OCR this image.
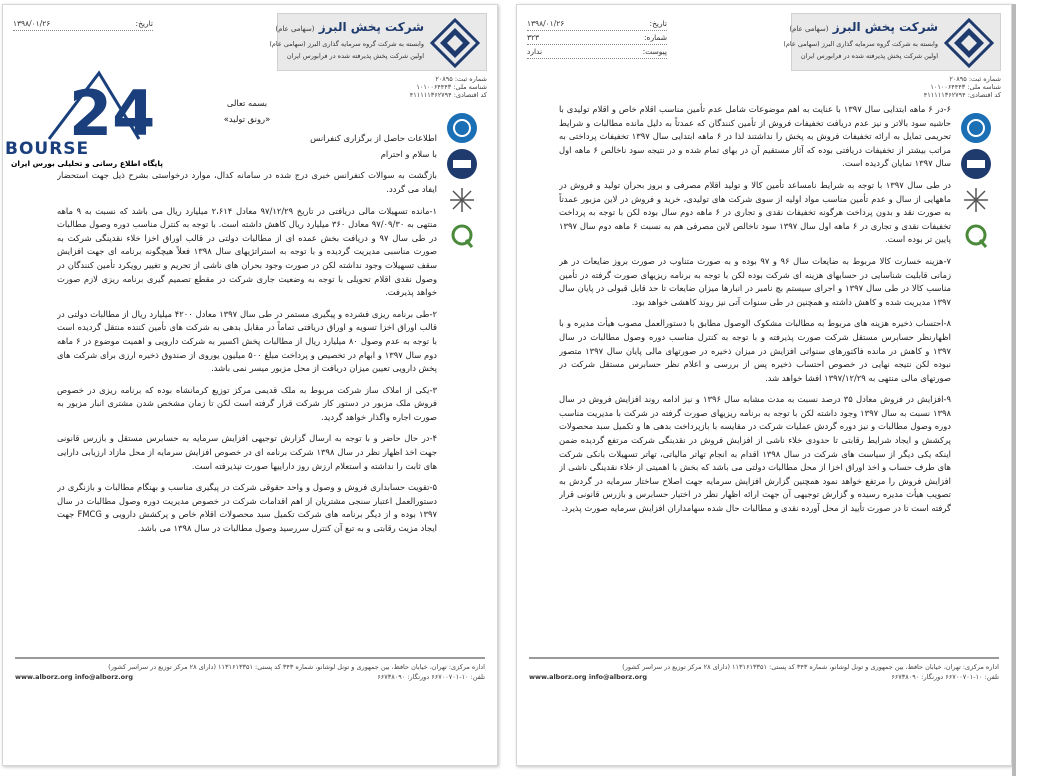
شرکت پخش البرز (سهامی عام)
وابسته به شرکت گروه سرمایه گذاری البرز (سهامی عام)
اولین شرکت پخش پذیرفته شده در فرابورس ایران
شماره ثبت: ۲۰۸۹۵
شناسه ملی: ۱۰۱۰۰۶۴۴۴۳
کد اقتصادی: ۴۱۱۱۱۱۳۶۲۷۹۴
تاریخ:
۱۳۹۸/۰۱/۲۶
24
BOURSE
پایگاه اطلاع رسانی و تحلیلی بورس ایران
بسمه تعالی
«رونق تولید»

اطلاعات حاصل از برگزاری کنفرانس

با سلام و احترام

بازگشت به سوالات کنفرانس خبری درج شده در سامانه کدال، موارد درخواستی بشرح ذیل جهت استحضار ایفاد می گردد.

۱-مانده تسهیلات مالی دریافتی در تاریخ ۹۷/۱۲/۲۹ معادل ۲،۶۱۴ میلیارد ریال می باشد که نسبت به ۹ ماهه منتهی به ۹۷/۰۹/۳۰ معادل ۳۶۰ میلیارد ریال کاهش داشته است. با توجه به کنترل مناسب دوره وصول مطالبات در طی سال ۹۷ و دریافت بخش عمده ای از مطالبات دولتی در قالب اوراق اخزا خلاء نقدینگی شرکت به صورت مناسبی مدیریت گردیده و با توجه به استراتژیهای سال ۱۳۹۸ فعلاً هیچگونه برنامه ای جهت افزایش سقف تسهیلات وجود نداشته لکن در صورت وجود بحران های ناشی از تحریم و تغییر رویکرد تأمین کنندگان در وصول نقدی اقلام تحویلی با توجه به وضعیت جاری شرکت در مقطع تصمیم گیری برنامه ریزی لازم صورت خواهد پذیرفت.

۲-طی برنامه ریزی فشرده و پیگیری مستمر در طی سال ۱۳۹۷ معادل ۴۲۰۰ میلیارد ریال از مطالبات دولتی در قالب اوراق اخزا تسویه و اوراق دریافتی تماماً در مقابل بدهی به شرکت های تأمین کننده منتقل گردیده است با توجه به عدم وصول ۸۰ میلیارد ریال از مطالبات پخش اکسیر به شرکت دارویی و اهمیت موضوع در ۶ ماهه دوم سال ۱۳۹۷ و ابهام در تخصیص و پرداخت مبلغ ۵۰۰ میلیون یوروی از صندوق ذخیره ارزی برای شرکت های پخش دارویی تعیین میزان دریافت از محل مزبور میسر نمی باشد.

۳-یکی از املاک ساز شرکت مربوط به ملک قدیمی مرکز توزیع کرمانشاه بوده که برنامه ریزی در خصوص فروش ملک مزبور در دستور کار شرکت قرار گرفته است لکن تا زمان مشخص شدن مشتری انبار مزبور به صورت اجاره واگذار خواهد گردید.

۴-در حال حاضر و با توجه به ارسال گزارش توجیهی افزایش سرمایه به حسابرس مستقل و بازرس قانونی جهت اخذ اظهار نظر در سال ۱۳۹۸ شرکت برنامه ای در خصوص افزایش سرمایه از محل مازاد ارزیابی دارایی های ثابت را نداشته و استعلام ارزش روز داراییها صورت نپذیرفته است.

۵-تقویت حسابداری فروش و وصول و واحد حقوقی شرکت در پیگیری مناسب و بهنگام مطالبات و بازنگری در دستورالعمل اعتبار سنجی مشتریان از اهم اقدامات شرکت در خصوص مدیریت دوره وصول مطالبات در سال ۱۳۹۷ بوده و از دیگر برنامه های شرکت تکمیل سبد محصولات اقلام خاص و پرکشش دارویی و FMCG جهت ایجاد مزیت رقابتی و به تبع آن کنترل سررسید وصول مطالبات در سال ۱۳۹۸ می باشد.

اداره مرکزی: تهران، خیابان حافظ، بین جمهوری و تونل لوشانو، شماره ۳۴۳ کد پستی: ۱۱۳۱۶۱۳۳۵۱ (دارای ۲۸ مرکز توزیع در سراسر کشور)
تلفن: ۱۰-۶۶۷۰۰۷۰۱ دورنگار: ۶۶۷۳۸۰۹۰
www.alborz.org info@alborz.org
شرکت پخش البرز (سهامی عام)
وابسته به شرکت گروه سرمایه گذاری البرز (سهامی عام)
اولین شرکت پخش پذیرفته شده در فرابورس ایران
شماره ثبت: ۲۰۸۹۵
شناسه ملی: ۱۰۱۰۰۶۴۴۴۳
کد اقتصادی: ۴۱۱۱۱۱۳۶۲۷۹۴
تاریخ:
۱۳۹۸/۰۱/۲۶
شماره:
۳۲۳
پیوست:
ندارد

۶-در ۶ ماهه ابتدایی سال ۱۳۹۷ با عنایت به اهم موضوعات شامل عدم تأمین مناسب اقلام خاص و اقلام تولیدی با حاشیه سود بالاتر و نیز عدم دریافت تخفیفات فروش از تأمین کنندگان که عمدتاً به دلیل مانده مطالبات و شرایط تحریمی تمایل به ارائه تخفیفات فروش به پخش را نداشتند لذا در ۶ ماهه ابتدایی سال ۱۳۹۷ تخفیفات پرداختی به مراتب بیشتر از تخفیفات دریافتی بوده که آثار مستقیم آن در بهای تمام شده و در نتیجه سود ناخالص ۶ ماهه اول سال ۱۳۹۷ نمایان گردیده است.

در طی سال ۱۳۹۷ با توجه به شرایط نامساعد تأمین کالا و تولید اقلام مصرفی و بروز بحران تولید و فروش در ماههایی از سال و عدم تأمین مناسب مواد اولیه از سوی شرکت های تولیدی، خرید و فروش در لاین مزبور عمدتاً به صورت نقد و بدون پرداخت هرگونه تخفیفات نقدی و تجاری در ۶ ماهه دوم سال بوده لکن با توجه به پرداخت تخفیفات نقدی و تجاری در ۶ ماهه اول سال ۱۳۹۷ سود ناخالص لاین مصرفی هم به نسبت ۶ ماهه دوم سال ۱۳۹۷ پایین تر بوده است.

۷-هزینه خسارت کالا مربوط به ضایعات سال ۹۶ و ۹۷ بوده و به صورت متناوب در صورت بروز ضایعات در هر زمانی قابلیت شناسایی در حسابهای هزینه ای شرکت بوده لکن با توجه به برنامه ریزیهای صورت گرفته در تأمین مناسب کالا در طی سال ۱۳۹۷ و اجرای سیستم بچ نامبر در انبارها میزان ضایعات تا حد قابل قبولی در پایان سال ۱۳۹۷ مدیریت شده و کاهش داشته و همچنین در طی سنوات آتی نیز روند کاهشی خواهد بود.

۸-احتساب ذخیره هزینه های مربوط به مطالبات مشکوک الوصول مطابق با دستورالعمل مصوب هیأت مدیره و با اظهارنظر حسابرس مستقل شرکت صورت پذیرفته و با توجه به کنترل مناسب دوره وصول مطالبات در سال ۱۳۹۷ و کاهش در مانده فاکتورهای سنواتی افزایش در میزان ذخیره در صورتهای مالی پایان سال ۱۳۹۷ متصور نبوده لکن نتیجه نهایی در خصوص احتساب ذخیره پس از بررسی و اعلام نظر حسابرس مستقل شرکت در صورتهای مالی منتهی به ۱۳۹۷/۱۲/۲۹ افشا خواهد شد.

۹-افزایش در فروش معادل ۳۵ درصد نسبت به مدت مشابه سال ۱۳۹۶ و نیز ادامه روند افزایش فروش در سال ۱۳۹۸ نسبت به سال ۱۳۹۷ وجود داشته لکن با توجه به برنامه ریزیهای صورت گرفته در شرکت با مدیریت مناسب دوره وصول مطالبات و نیز دوره گردش عملیات شرکت در مقایسه با بازپرداخت بدهی ها و تکمیل سبد محصولات پرکشش و ایجاد شرایط رقابتی تا حدودی خلاء ناشی از افزایش فروش در نقدینگی شرکت مرتفع گردیده ضمن اینکه یکی دیگر از سیاست های شرکت در سال ۱۳۹۸ اقدام به انجام تهاتر مالیاتی، تهاتر تسهیلات بانکی شرکت های طرف حساب و اخذ اوراق اخزا از محل مطالبات دولتی می باشد که بخش با اهمیتی از خلاء نقدینگی ناشی از افزایش فروش را مرتفع خواهد نمود همچنین گزارش افزایش سرمایه جهت اصلاح ساختار سرمایه در گردش به تصویب هیأت مدیره رسیده و گزارش توجیهی آن جهت ارائه اظهار نظر در اختیار حسابرس و بازرس قانونی قرار گرفته است تا در صورت تأیید از محل آورده نقدی و مطالبات حال شده سهامداران افزایش سرمایه صورت پذیرد.

اداره مرکزی: تهران، خیابان حافظ، بین جمهوری و تونل لوشانو، شماره ۳۴۳ کد پستی: ۱۱۳۱۶۱۳۳۵۱ (دارای ۲۸ مرکز توزیع در سراسر کشور)
تلفن: ۱۰-۶۶۷۰۰۷۰۱ دورنگار: ۶۶۷۳۸۰۹۰
www.alborz.org info@alborz.org
